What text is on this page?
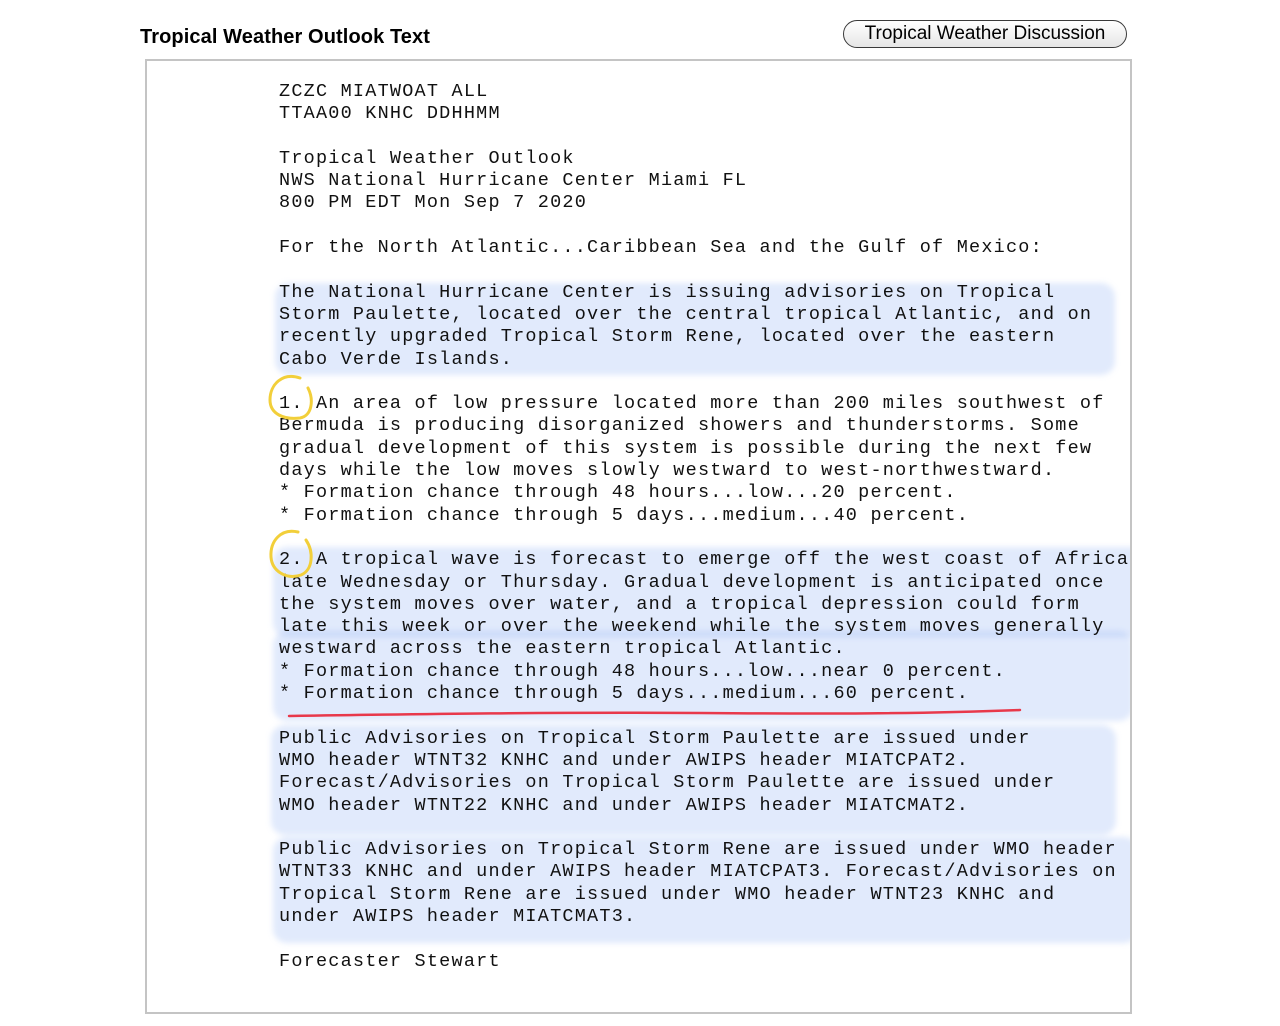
Tropical Weather Outlook Text	Tropical Weather Discussion
ZCZC MIATWOAT ALL
TTAA00 KNHC DDHHMM
Tropical Weather Outlook
NWS National Hurricane Center Miami FL
800 PM EDT Mon Sep 7 2020
For the North Atlantic...Caribbean Sea and the Gulf of Mexico:
The National Hurricane Center is issuing advisories on Tropical
Storm Paulette, located over the central tropical Atlantic, and on
recently upgraded Tropical Storm Rene, located over the eastern
Cabo Verde Islands.
1. An area of low pressure located more than 200 miles southwest of
Bermuda is producing disorganized showers and thunderstorms. Some
gradual development of this system is possible during the next few
days while the low moves slowly westward to west-northwestward.
* Formation chance through 48 hours...low...20 percent.
* Formation chance through 5 days...medium...40 percent.
2. A tropical wave is forecast to emerge off the west coast of Africa
late Wednesday or Thursday. Gradual development is anticipated once
the system moves over water, and a tropical depression could form
late this week or over the weekend while the system moves generally
westward across the eastern tropical Atlantic.
* Formation chance through 48 hours...low...near 0 percent.
* Formation chance through 5 days...medium...60 percent.
Public Advisories on Tropical Storm Paulette are issued under
WMO header WTNT32 KNHC and under AWIPS header MIATCPAT2.
Forecast/Advisories on Tropical Storm Paulette are issued under
WMO header WTNT22 KNHC and under AWIPS header MIATCMAT2.
Public Advisories on Tropical Storm Rene are issued under WMO header
WTNT33 KNHC and under AWIPS header MIATCPAT3. Forecast/Advisories on
Tropical Storm Rene are issued under WMO header WTNT23 KNHC and
under AWIPS header MIATCMAT3.
Forecaster Stewart
